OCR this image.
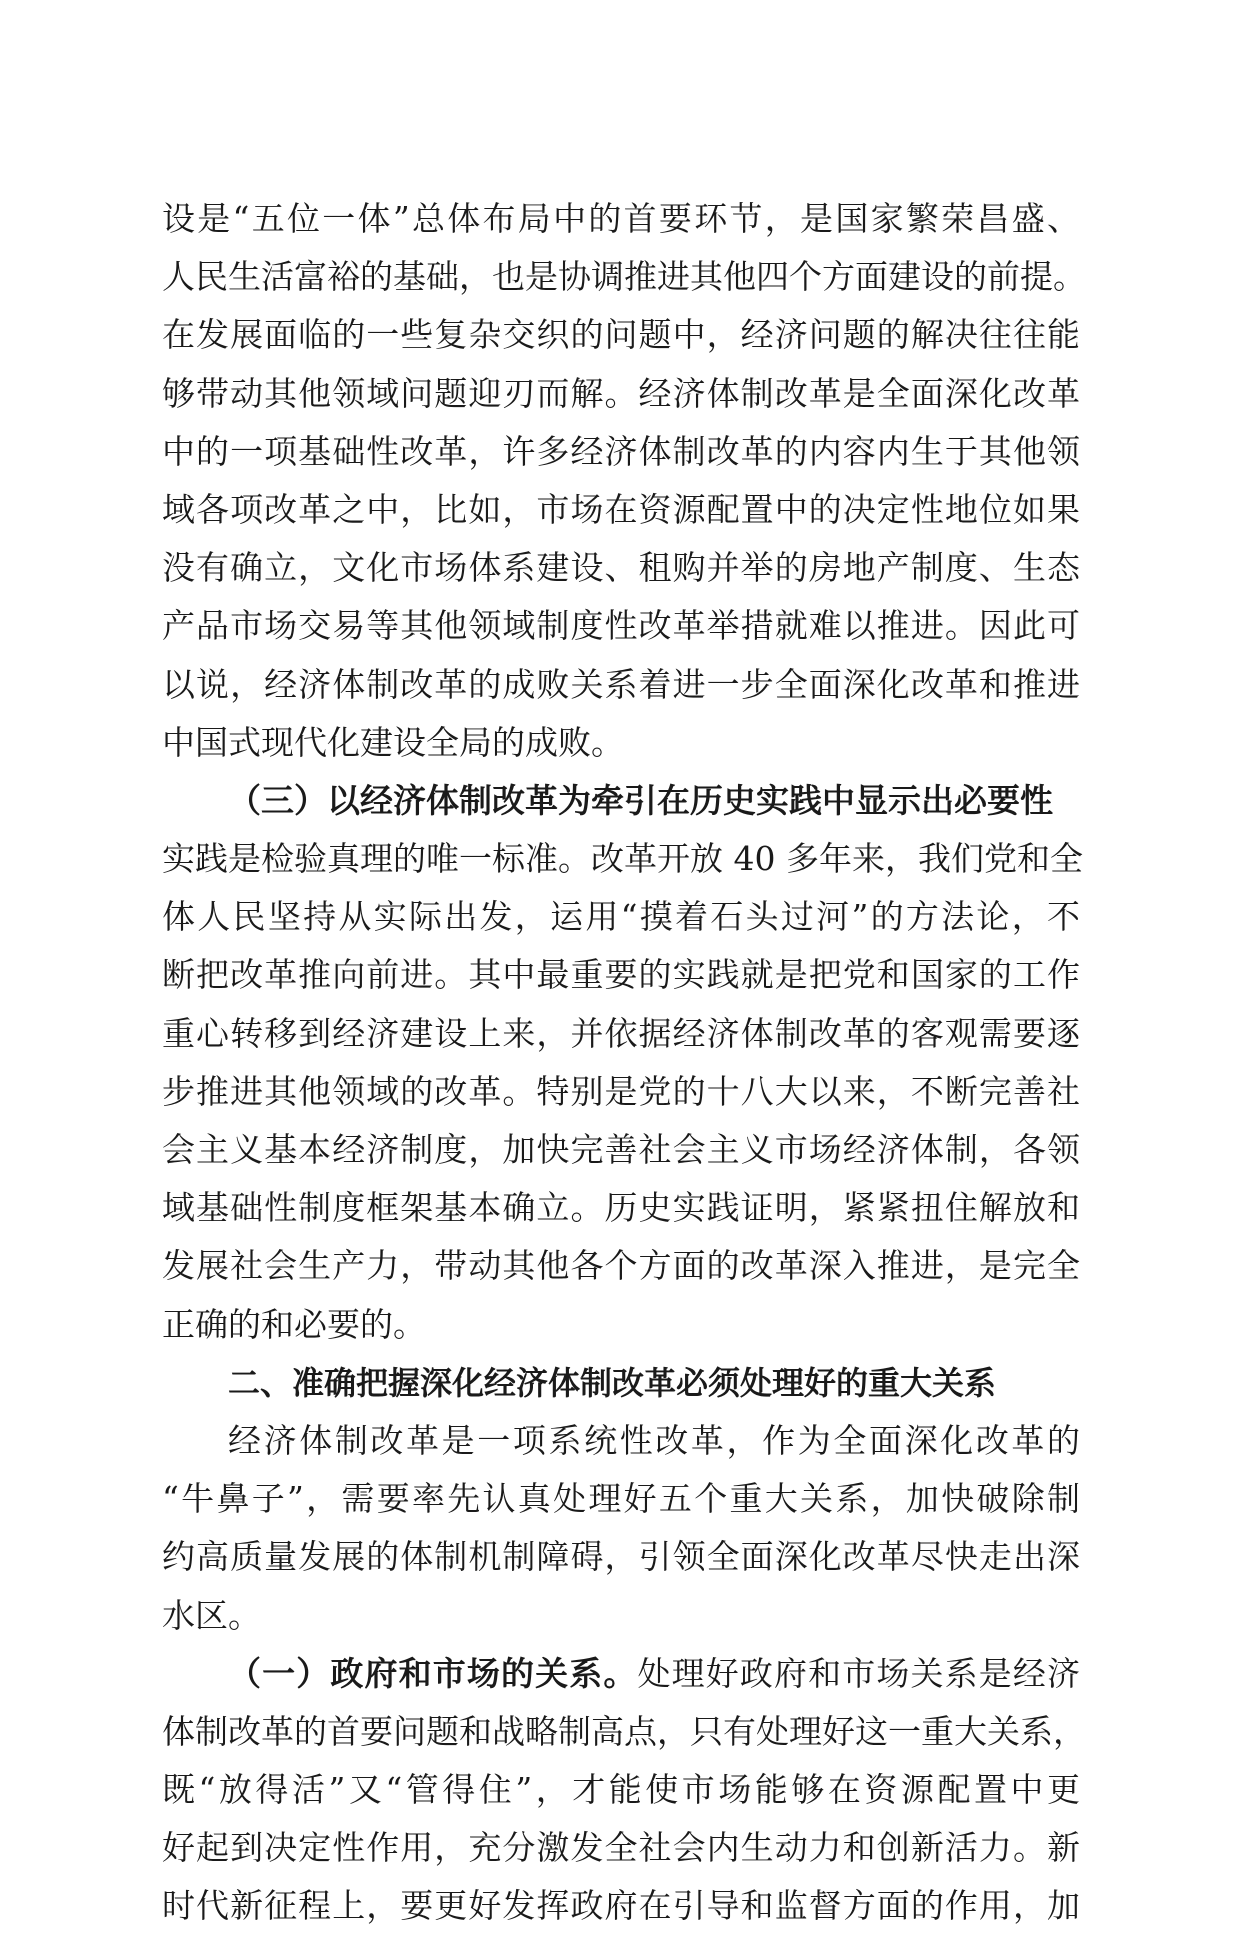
设是“五位一体”总体布局中的首要环节，是国家繁荣昌盛、
人民生活富裕的基础，也是协调推进其他四个方面建设的前提。
在发展面临的一些复杂交织的问题中，经济问题的解决往往能
够带动其他领域问题迎刃而解。经济体制改革是全面深化改革
中的一项基础性改革，许多经济体制改革的内容内生于其他领
域各项改革之中，比如，市场在资源配置中的决定性地位如果
没有确立，文化市场体系建设、租购并举的房地产制度、生态
产品市场交易等其他领域制度性改革举措就难以推进。因此可
以说，经济体制改革的成败关系着进一步全面深化改革和推进
中国式现代化建设全局的成败。
（三）以经济体制改革为牵引在历史实践中显示出必要性
实践是检验真理的唯一标准。改革开放 40 多年来，我们党和全
体人民坚持从实际出发，运用“摸着石头过河”的方法论，不
断把改革推向前进。其中最重要的实践就是把党和国家的工作
重心转移到经济建设上来，并依据经济体制改革的客观需要逐
步推进其他领域的改革。特别是党的十八大以来，不断完善社
会主义基本经济制度，加快完善社会主义市场经济体制，各领
域基础性制度框架基本确立。历史实践证明，紧紧扭住解放和
发展社会生产力，带动其他各个方面的改革深入推进，是完全
正确的和必要的。
二、准确把握深化经济体制改革必须处理好的重大关系
经济体制改革是一项系统性改革，作为全面深化改革的
“牛鼻子”，需要率先认真处理好五个重大关系，加快破除制
约高质量发展的体制机制障碍，引领全面深化改革尽快走出深
水区。
（一）政府和市场的关系。处理好政府和市场关系是经济
体制改革的首要问题和战略制高点，只有处理好这一重大关系，
既“放得活”又“管得住”，才能使市场能够在资源配置中更
好起到决定性作用，充分激发全社会内生动力和创新活力。新
时代新征程上，要更好发挥政府在引导和监督方面的作用，加
